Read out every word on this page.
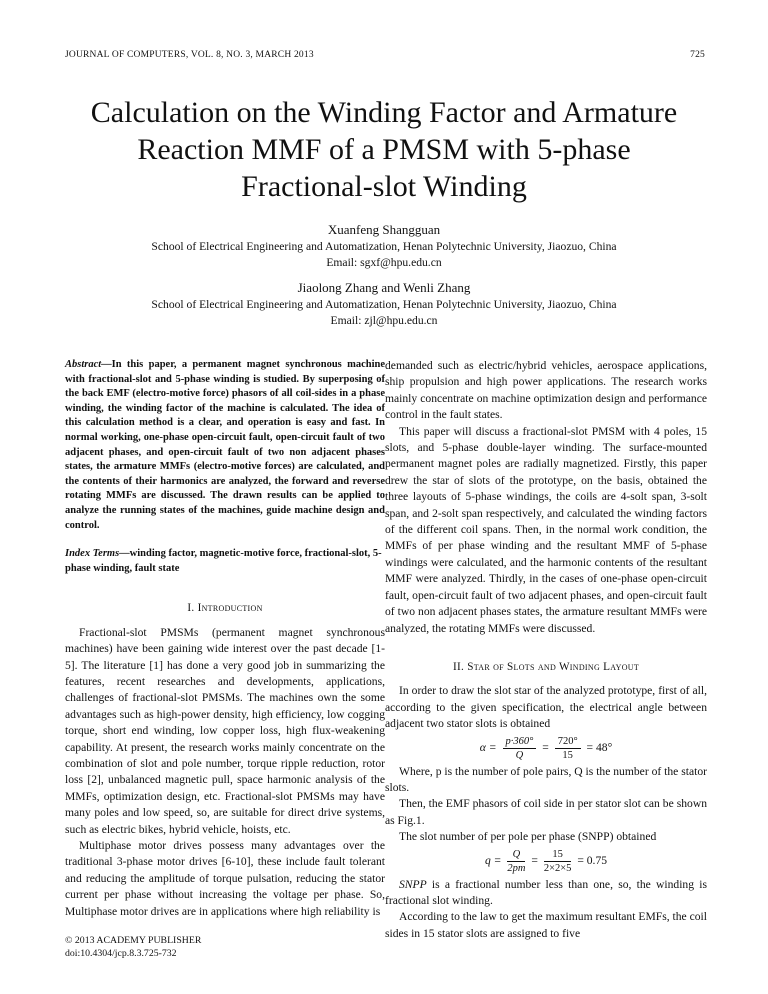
JOURNAL OF COMPUTERS, VOL. 8, NO. 3, MARCH 2013	725
Calculation on the Winding Factor and Armature
Reaction MMF of a PMSM with 5-phase
Fractional-slot Winding
Xuanfeng Shangguan
School of Electrical Engineering and Automatization, Henan Polytechnic University, Jiaozuo, China
Email: sgxf@hpu.edu.cn
Jiaolong Zhang and Wenli Zhang
School of Electrical Engineering and Automatization, Henan Polytechnic University, Jiaozuo, China
Email: zjl@hpu.edu.cn
Abstract—In this paper, a permanent magnet synchronous machine with fractional-slot and 5-phase winding is studied. By superposing of the back EMF (electro-motive force) phasors of all coil-sides in a phase winding, the winding factor of the machine is calculated. The idea of this calculation method is a clear, and operation is easy and fast. In normal working, one-phase open-circuit fault, open-circuit fault of two adjacent phases, and open-circuit fault of two non adjacent phases states, the armature MMFs (electro-motive forces) are calculated, and the contents of their harmonics are analyzed, the forward and reverse rotating MMFs are discussed. The drawn results can be applied to analyze the running states of the machines, guide machine design and control.
Index Terms—winding factor, magnetic-motive force, fractional-slot, 5-phase winding, fault state
I. Introduction

Fractional-slot PMSMs (permanent magnet synchronous machines) have been gaining wide interest over the past decade [1-5]. The literature [1] has done a very good job in summarizing the features, recent researches and developments, applications, challenges of fractional-slot PMSMs. The machines own the some advantages such as high-power density, high efficiency, low cogging torque, short end winding, low copper loss, high flux-weakening capability. At present, the research works mainly concentrate on the combination of slot and pole number, torque ripple reduction, rotor loss [2], unbalanced magnetic pull, space harmonic analysis of the MMFs, optimization design, etc. Fractional-slot PMSMs may have many poles and low speed, so, are suitable for direct drive systems, such as electric bikes, hybrid vehicle, hoists, etc.

Multiphase motor drives possess many advantages over the traditional 3-phase motor drives [6-10], these include fault tolerant and reducing the amplitude of torque pulsation, reducing the stator current per phase without increasing the voltage per phase. So, Multiphase motor drives are in applications where high reliability is

demanded such as electric/hybrid vehicles, aerospace applications, ship propulsion and high power applications. The research works mainly concentrate on machine optimization design and performance control in the fault states.

This paper will discuss a fractional-slot PMSM with 4 poles, 15 slots, and 5-phase double-layer winding. The surface-mounted permanent magnet poles are radially magnetized. Firstly, this paper drew the star of slots of the prototype, on the basis, obtained the three layouts of 5-phase windings, the coils are 4-solt span, 3-solt span, and 2-solt span respectively, and calculated the winding factors of the different coil spans. Then, in the normal work condition, the MMFs of per phase winding and the resultant MMF of 5-phase windings were calculated, and the harmonic contents of the resultant MMF were analyzed. Thirdly, in the cases of one-phase open-circuit fault, open-circuit fault of two adjacent phases, and open-circuit fault of two non adjacent phases states, the armature resultant MMFs were analyzed, the rotating MMFs were discussed.

II. Star of Slots and Winding Layout

In order to draw the slot star of the analyzed prototype, first of all, according to the given specification, the electrical angle between adjacent two stator slots is obtained

$\alpha = \frac{p\cdot 360^\circ}{Q} = \frac{720^\circ}{15} = 48^\circ$

Where, p is the number of pole pairs, Q is the number of the stator slots.

Then, the EMF phasors of coil side in per stator slot can be shown as Fig.1.

The slot number of per pole per phase (SNPP) obtained

$q = \frac{Q}{2pm} = \frac{15}{2\times 2\times 5} = 0.75$

SNPP is a fractional number less than one, so, the winding is fractional slot winding.

According to the law to get the maximum resultant EMFs, the coil sides in 15 stator slots are assigned to five

© 2013 ACADEMY PUBLISHER
doi:10.4304/jcp.8.3.725-732
